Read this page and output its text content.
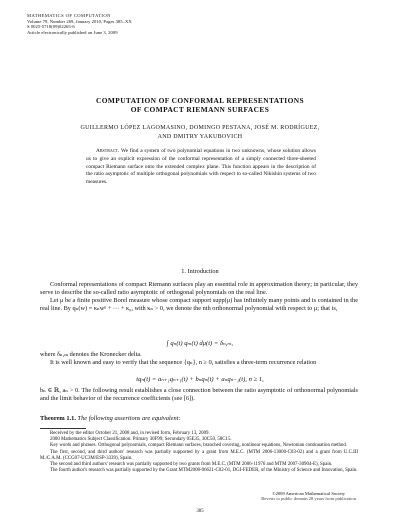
MATHEMATICS OF COMPUTATION
Volume 79, Number 269, January 2010, Pages 385–XX
S 0025-5718(09)02265-6
Article electronically published on June 3, 2009
COMPUTATION OF CONFORMAL REPRESENTATIONS
OF COMPACT RIEMANN SURFACES
GUILLERMO LÓPEZ LAGOMASINO, DOMINGO PESTANA, JOSÉ M. RODRÍGUEZ,
AND DMITRY YAKUBOVICH

Abstract. We find a system of two polynomial equations in two unknowns, whose solution allows us to give an explicit expression of the conformal representation of a simply connected three-sheeted compact Riemann surface onto the extended complex plane. This function appears in the description of the ratio asymptotic of multiple orthogonal polynomials with respect to so-called Nikishin systems of two measures.

1. Introduction

Conformal representations of compact Riemann surfaces play an essential role in approximation theory; in particular, they serve to describe the so-called ratio asymptotic of orthogonal polynomials on the real line.

Let μ be a finite positive Borel measure whose compact support supp(μ) has infinitely many points and is contained in the real line. By qₙ(w) = κₙwⁿ + ··· + κ₀, with κₙ > 0, we denote the nth orthonormal polynomial with respect to μ; that is,

∫ qₙ(t) qₘ(t) dμ(t) = δₙ,ₘ,

where δₙ,ₘ denotes the Kronecker delta.

It is well known and easy to verify that the sequence {qₙ}, n ≥ 0, satisfies a three-term recurrence relation

tqₙ(t) = aₙ₊₁qₙ₊₁(t) + bₙqₙ(t) + aₙqₙ₋₁(t), n ≥ 1,

bₙ ∈ ℝ, aₙ > 0. The following result establishes a close connection between the ratio asymptotic of orthonormal polynomials and the limit behavior of the recurrence coefficients (see [6]).

Theorem 1.1. The following assertions are equivalent:

Received by the editor October 21, 2008 and, in revised form, February 13, 2009.

2000 Mathematics Subject Classification. Primary 30F99; Secondary 05E35, 30C50, 58C15.

Key words and phrases. Orthogonal polynomials, compact Riemann surfaces, branched covering, nonlinear equations, Newtonian continuation method.

The first, second, and third authors' research was partially supported by a grant from M.E.C. (MTM 2006-13000-C03-02) and a grant from U.C.III M./C.A.M. (CCG07-UC3M/ESP-3339), Spain.

The second and third authors' research was partially supported by two grants from M.E.C. (MTM 2006-11976 and MTM 2007-30904-E), Spain.

The fourth author's research was partially supported by the Grant MTM2008-06621-C02-01, DGI-FEDER, of the Ministry of Science and Innovation, Spain.

©2009 American Mathematical Society
Reverts to public domain 28 years from publication
385
